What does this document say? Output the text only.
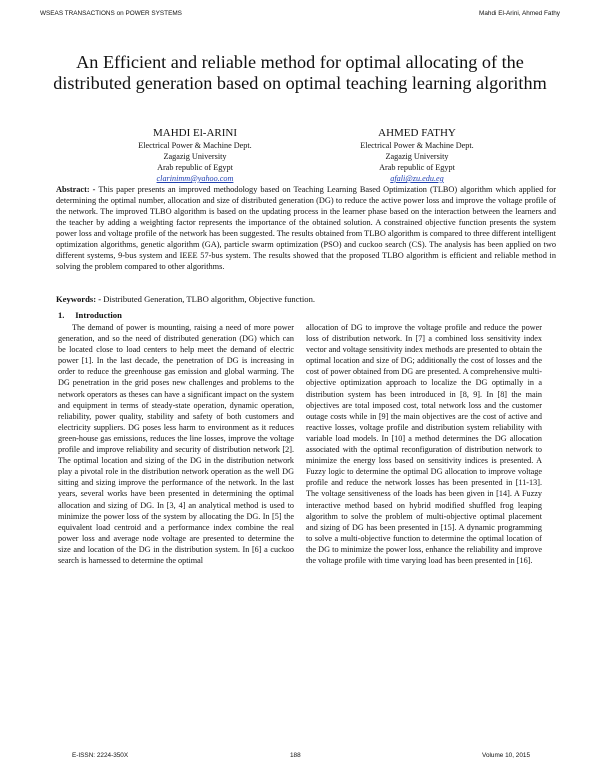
WSEAS TRANSACTIONS on POWER SYSTEMS	Mahdi El-Arini, Ahmed Fathy
An Efficient and reliable method for optimal allocating of the distributed generation based on optimal teaching learning algorithm
MAHDI El-ARINI
Electrical Power & Machine Dept.
Zagazig University
Arab republic of Egypt
clarinimm@yahoo.com
AHMED FATHY
Electrical Power & Machine Dept.
Zagazig University
Arab republic of Egypt
afali@zu.edu.eg
Abstract: - This paper presents an improved methodology based on Teaching Learning Based Optimization (TLBO) algorithm which applied for determining the optimal number, allocation and size of distributed generation (DG) to reduce the active power loss and improve the voltage profile of the network. The improved TLBO algorithm is based on the updating process in the learner phase based on the interaction between the learners and the teacher by adding a weighting factor represents the importance of the obtained solution. A constrained objective function presents the system power loss and voltage profile of the network has been suggested. The results obtained from TLBO algorithm is compared to three different intelligent optimization algorithms, genetic algorithm (GA), particle swarm optimization (PSO) and cuckoo search (CS). The analysis has been applied on two different systems, 9-bus system and IEEE 57-bus system. The results showed that the proposed TLBO algorithm is efficient and reliable method in solving the problem compared to other algorithms.
Keywords: - Distributed Generation, TLBO algorithm, Objective function.
1. Introduction
The demand of power is mounting, raising a need of more power generation, and so the need of distributed generation (DG) which can be located close to load centers to help meet the demand of electric power [1]. In the last decade, the penetration of DG is increasing in order to reduce the greenhouse gas emission and global warming. The DG penetration in the grid poses new challenges and problems to the network operators as theses can have a significant impact on the system and equipment in terms of steady-state operation, dynamic operation, reliability, power quality, stability and safety of both customers and electricity suppliers. DG poses less harm to environment as it reduces green-house gas emissions, reduces the line losses, improve the voltage profile and improve reliability and security of distribution network [2]. The optimal location and sizing of the DG in the distribution network play a pivotal role in the distribution network operation as the well DG sitting and sizing improve the performance of the network. In the last years, several works have been presented in determining the optimal allocation and sizing of DG. In [3, 4] an analytical method is used to minimize the power loss of the system by allocating the DG. In [5] the equivalent load centroid and a performance index combine the real power loss and average node voltage are presented to determine the size and location of the DG in the distribution system. In [6] a cuckoo search is harnessed to determine the optimal
allocation of DG to improve the voltage profile and reduce the power loss of distribution network. In [7] a combined loss sensitivity index vector and voltage sensitivity index methods are presented to obtain the optimal location and size of DG; additionally the cost of losses and the cost of power obtained from DG are presented. A comprehensive multi-objective optimization approach to localize the DG optimally in a distribution system has been introduced in [8, 9]. In [8] the main objectives are total imposed cost, total network loss and the customer outage costs while in [9] the main objectives are the cost of active and reactive losses, voltage profile and distribution system reliability with variable load models. In [10] a method determines the DG allocation associated with the optimal reconfiguration of distribution network to minimize the energy loss based on sensitivity indices is presented. A Fuzzy logic to determine the optimal DG allocation to improve voltage profile and reduce the network losses has been presented in [11-13]. The voltage sensitiveness of the loads has been given in [14]. A Fuzzy interactive method based on hybrid modified shuffled frog leaping algorithm to solve the problem of multi-objective optimal placement and sizing of DG has been presented in [15]. A dynamic programming to solve a multi-objective function to determine the optimal location of the DG to minimize the power loss, enhance the reliability and improve the voltage profile with time varying load has been presented in [16].
E-ISSN: 2224-350X	188	Volume 10, 2015
